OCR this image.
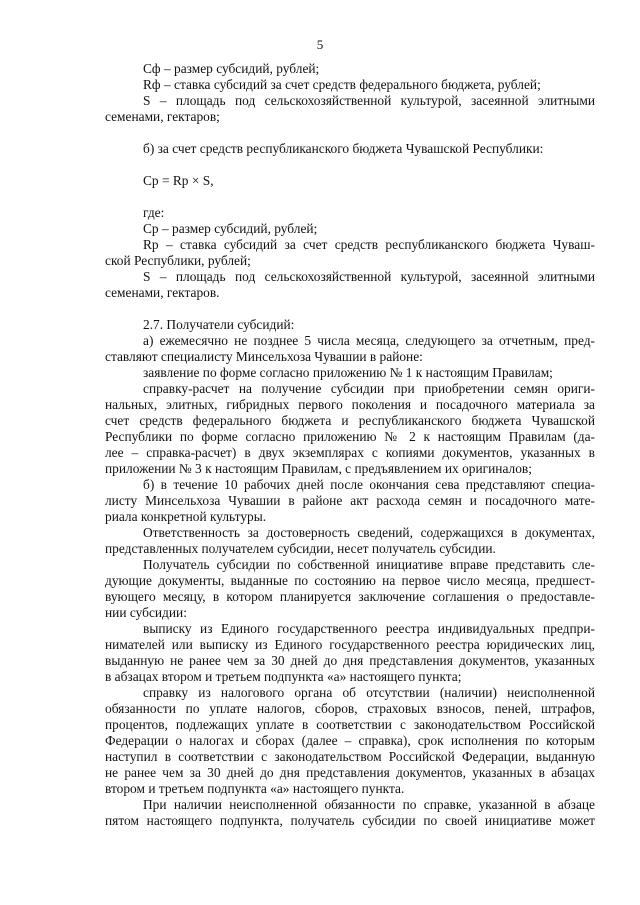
5

Сф – размер субсидий, рублей;

Rф – ставка субсидий за счет средств федерального бюджета, рублей;

S – площадь под сельскохозяйственной культурой, засеянной элитными

семенами, гектаров;

б) за счет средств республиканского бюджета Чувашской Республики:

Ср = Rр × S,

где:

Ср – размер субсидий, рублей;

Rр – ставка субсидий за счет средств республиканского бюджета Чуваш-

ской Республики, рублей;

S – площадь под сельскохозяйственной культурой, засеянной элитными

семенами, гектаров.

2.7. Получатели субсидий:

а) ежемесячно не позднее 5 числа месяца, следующего за отчетным, пред-

ставляют специалисту Минсельхоза Чувашии в районе:

заявление по форме согласно приложению № 1 к настоящим Правилам;

справку-расчет на получение субсидии при приобретении семян ориги-

нальных, элитных, гибридных первого поколения и посадочного материала за

счет средств федерального бюджета и республиканского бюджета Чувашской

Республики по форме согласно приложению № 2 к настоящим Правилам (да-

лее – справка-расчет) в двух экземплярах с копиями документов, указанных в

приложении № 3 к настоящим Правилам, с предъявлением их оригиналов;

б) в течение 10 рабочих дней после окончания сева представляют специа-

листу Минсельхоза Чувашии в районе акт расхода семян и посадочного мате-

риала конкретной культуры.

Ответственность за достоверность сведений, содержащихся в документах,

представленных получателем субсидии, несет получатель субсидии.

Получатель субсидии по собственной инициативе вправе представить сле-

дующие документы, выданные по состоянию на первое число месяца, предшест-

вующего месяцу, в котором планируется заключение соглашения о предоставле-

нии субсидии:

выписку из Единого государственного реестра индивидуальных предпри-

нимателей или выписку из Единого государственного реестра юридических лиц,

выданную не ранее чем за 30 дней до дня представления документов, указанных

в абзацах втором и третьем подпункта «а» настоящего пункта;

справку из налогового органа об отсутствии (наличии) неисполненной

обязанности по уплате налогов, сборов, страховых взносов, пеней, штрафов,

процентов, подлежащих уплате в соответствии с законодательством Российской

Федерации о налогах и сборах (далее – справка), срок исполнения по которым

наступил в соответствии с законодательством Российской Федерации, выданную

не ранее чем за 30 дней до дня представления документов, указанных в абзацах

втором и третьем подпункта «а» настоящего пункта.

При наличии неисполненной обязанности по справке, указанной в абзаце

пятом настоящего подпункта, получатель субсидии по своей инициативе может
